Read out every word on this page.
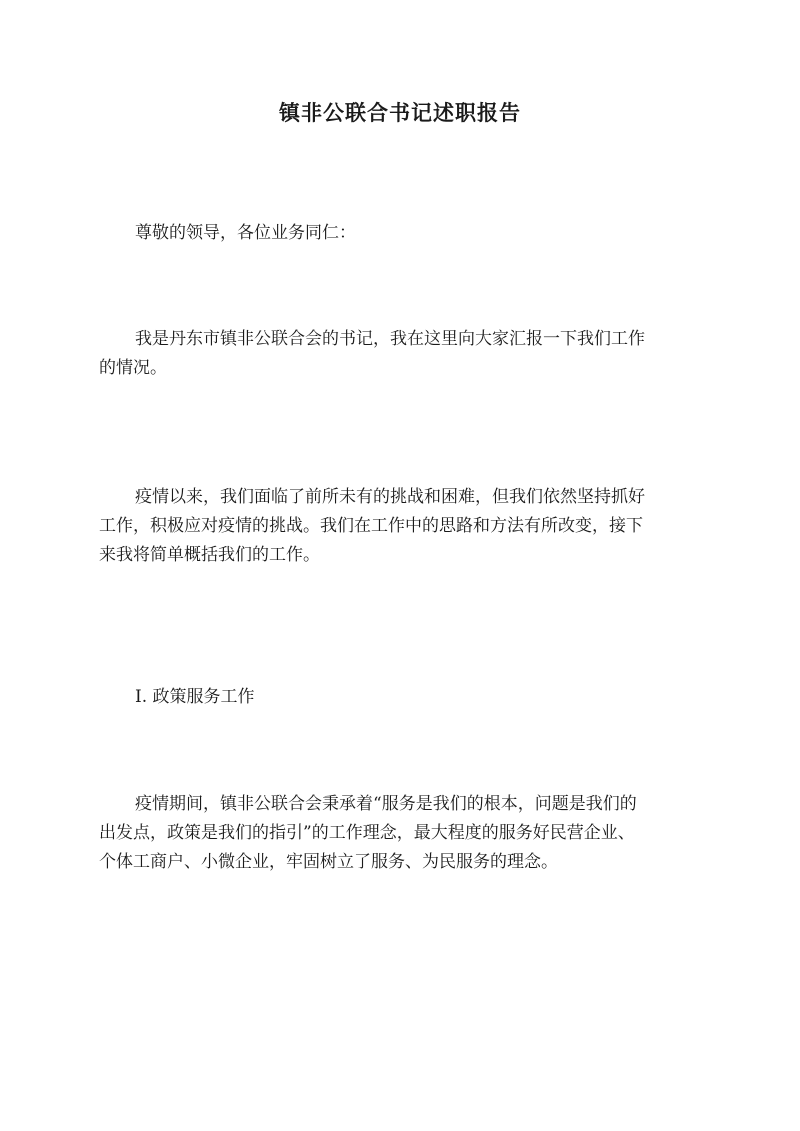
镇非公联合书记述职报告
尊敬的领导，各位业务同仁：
我是丹东市镇非公联合会的书记，我在这里向大家汇报一下我们工作
的情况。
疫情以来，我们面临了前所未有的挑战和困难，但我们依然坚持抓好
工作，积极应对疫情的挑战。我们在工作中的思路和方法有所改变，接下
来我将简单概括我们的工作。
I. 政策服务工作
疫情期间，镇非公联合会秉承着“服务是我们的根本，问题是我们的
出发点，政策是我们的指引”的工作理念，最大程度的服务好民营企业、
个体工商户、小微企业，牢固树立了服务、为民服务的理念。
